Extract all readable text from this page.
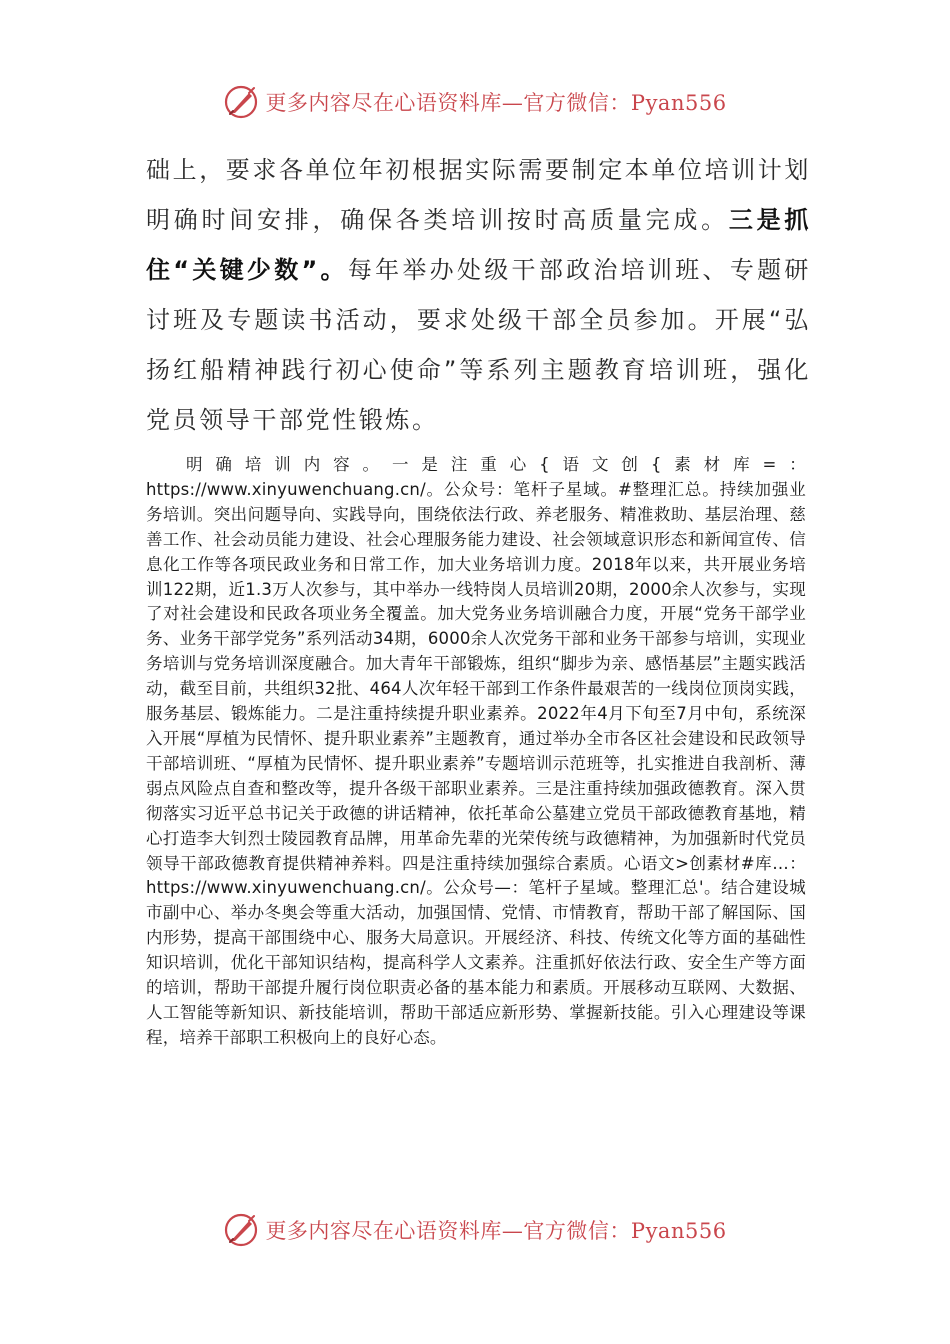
更多内容尽在心语资料库—官方微信：Pyan556
础上，要求各单位年初根据实际需要制定本单位培训计划明确时间安排，确保各类培训按时高质量完成。三是抓住“关键少数”。每年举办处级干部政治培训班、专题研讨班及专题读书活动，要求处级干部全员参加。开展“弘扬红船精神践行初心使命”等系列主题教育培训班，强化党员领导干部党性锻炼。
明确培训内容。一是注重心{语文创{素材库=：https://www.xinyuwenchuang.cn/。公众号：笔杆子星域。#整理汇总。持续加强业务培训。突出问题导向、实践导向，围绕依法行政、养老服务、精准救助、基层治理、慈善工作、社会动员能力建设、社会心理服务能力建设、社会领域意识形态和新闻宣传、信息化工作等各项民政业务和日常工作，加大业务培训力度。2018年以来，共开展业务培训122期，近1.3万人次参与，其中举办一线特岗人员培训20期，2000余人次参与，实现了对社会建设和民政各项业务全覆盖。加大党务业务培训融合力度，开展“党务干部学业务、业务干部学党务”系列活动34期，6000余人次党务干部和业务干部参与培训，实现业务培训与党务培训深度融合。加大青年干部锻炼，组织“脚步为亲、感悟基层”主题实践活动，截至目前，共组织32批、464人次年轻干部到工作条件最艰苦的一线岗位顶岗实践，服务基层、锻炼能力。二是注重持续提升职业素养。2022年4月下旬至7月中旬，系统深入开展“厚植为民情怀、提升职业素养”主题教育，通过举办全市各区社会建设和民政领导干部培训班、“厚植为民情怀、提升职业素养”专题培训示范班等，扎实推进自我剖析、薄弱点风险点自查和整改等，提升各级干部职业素养。三是注重持续加强政德教育。深入贯彻落实习近平总书记关于政德的讲话精神，依托革命公墓建立党员干部政德教育基地，精心打造李大钊烈士陵园教育品牌，用革命先辈的光荣传统与政德精神，为加强新时代党员领导干部政德教育提供精神养料。四是注重持续加强综合素质。心语文>创素材#库…：https://www.xinyuwenchuang.cn/。公众号—：笔杆子星域。整理汇总'。结合建设城市副中心、举办冬奥会等重大活动，加强国情、党情、市情教育，帮助干部了解国际、国内形势，提高干部围绕中心、服务大局意识。开展经济、科技、传统文化等方面的基础性知识培训，优化干部知识结构，提高科学人文素养。注重抓好依法行政、安全生产等方面的培训，帮助干部提升履行岗位职责必备的基本能力和素质。开展移动互联网、大数据、人工智能等新知识、新技能培训，帮助干部适应新形势、掌握新技能。引入心理建设等课程，培养干部职工积极向上的良好心态。
更多内容尽在心语资料库—官方微信：Pyan556
